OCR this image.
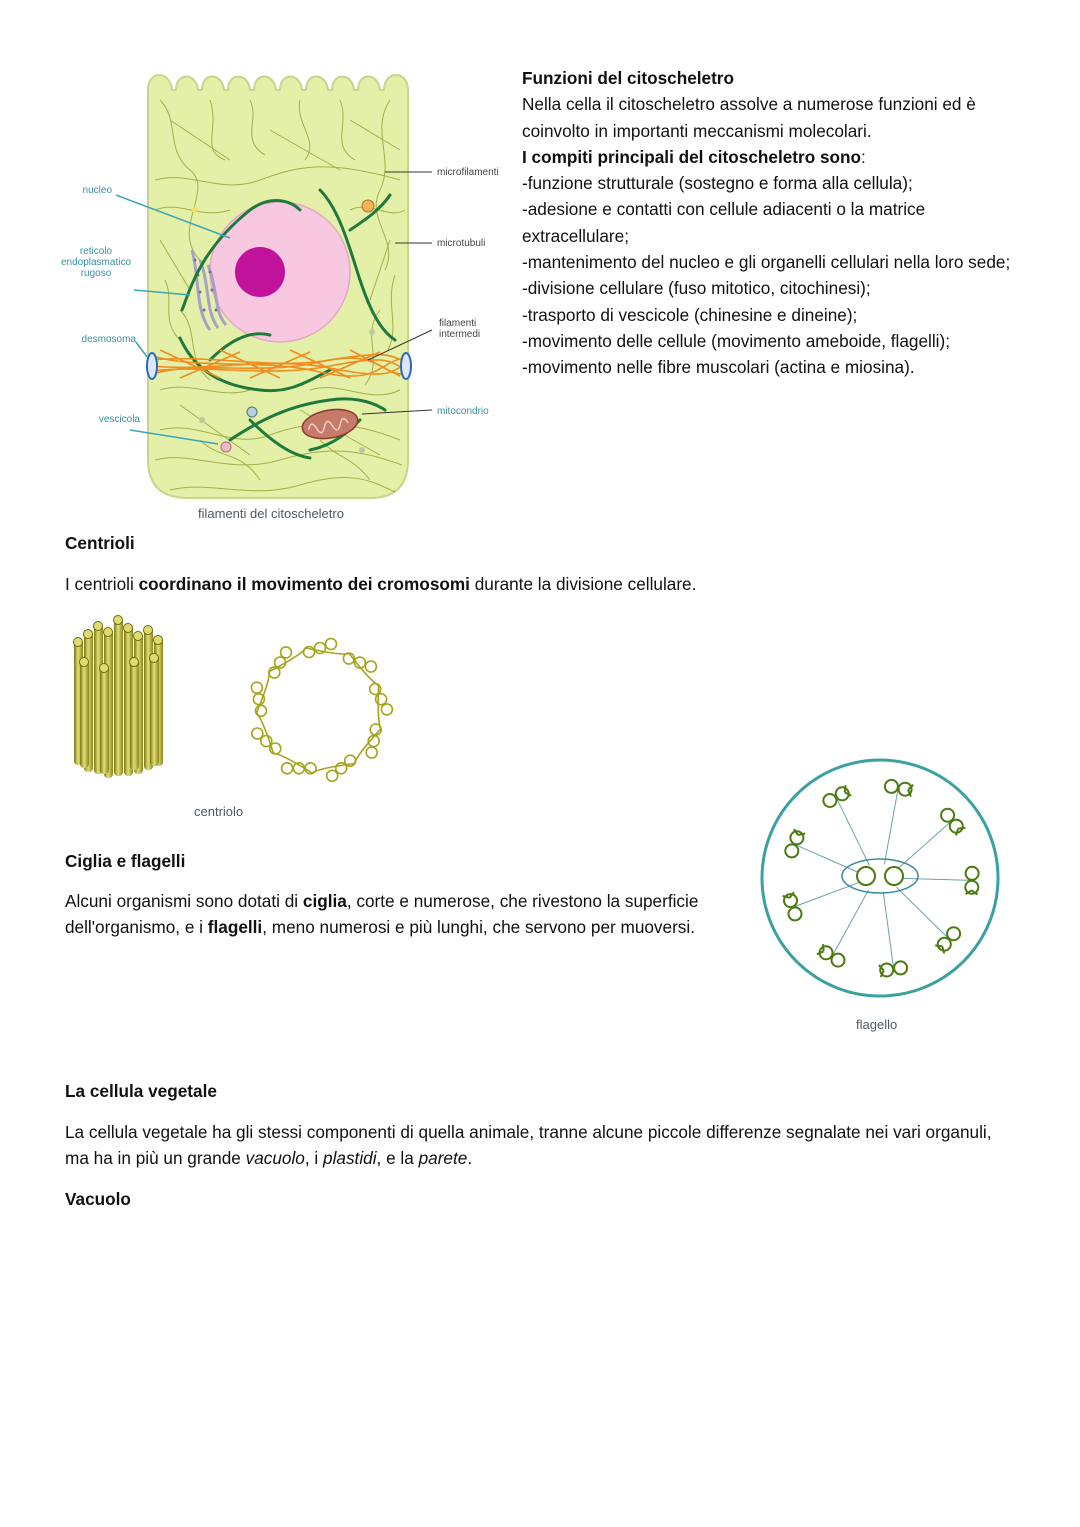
nucleo
reticolo
endoplasmatico
rugoso
desmosoma
vescicola
microfilamenti
microtubuli
filamenti
intermedi
mitocondrio
filamenti del citoscheletro

Funzioni del citoscheletro

Nella cella il citoscheletro assolve a numerose funzioni ed è coinvolto in importanti meccanismi molecolari.

I compiti principali del citoscheletro sono:

-funzione strutturale (sostegno e forma alla cellula);

-adesione e contatti con cellule adiacenti o la matrice extracellulare;

-mantenimento del nucleo e gli organelli cellulari nella loro sede;

-divisione cellulare (fuso mitotico, citochinesi);

-trasporto di vescicole (chinesine e dineine);

-movimento delle cellule (movimento ameboide, flagelli);

-movimento nelle fibre muscolari (actina e miosina).

Centrioli
I centrioli coordinano il movimento dei cromosomi durante la divisione cellulare.
centriolo
Ciglia e flagelli
Alcuni organismi sono dotati di ciglia, corte e numerose, che rivestono la superficie dell'organismo, e i flagelli, meno numerosi e più lunghi, che servono per muoversi.
flagello
La cellula vegetale
La cellula vegetale ha gli stessi componenti di quella animale, tranne alcune piccole differenze segnalate nei vari organuli, ma ha in più un grande vacuolo, i plastidi, e la parete.
Vacuolo
